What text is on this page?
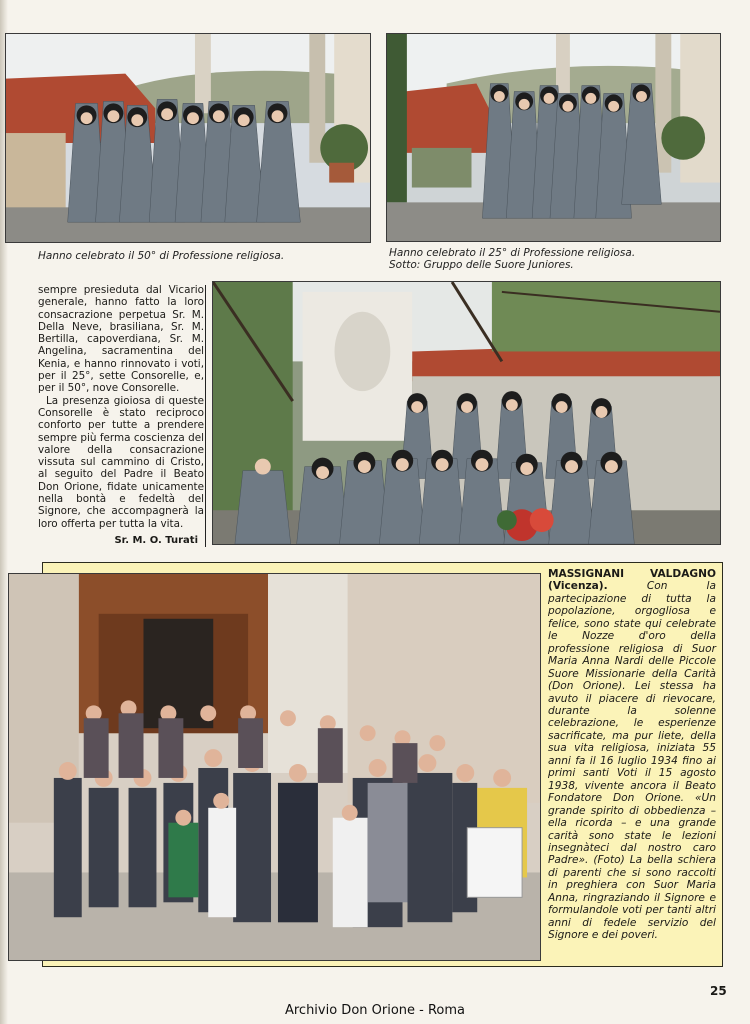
Hanno celebrato il 50° di Professione religiosa.	Hanno celebrato il 25° di Professione religiosa.
Sotto: Gruppo delle Suore Juniores.

sempre presieduta dal Vicario generale, hanno fatto la loro consacrazione perpetua Sr. M. Della Neve, brasiliana, Sr. M. Bertilla, capoverdiana, Sr. M. Angelina, sacramentina del Kenia, e hanno rinnovato i voti, per il 25°, sette Consorelle, e, per il 50°, nove Consorelle.

La presenza gioiosa di queste Consorelle è stato reciproco conforto per tutte a prendere sempre più ferma coscienza del valore della consacrazione vissuta sul cammino di Cristo, al seguito del Padre il Beato Don Orione, fidate unicamente nella bontà e fedeltà del Signore, che accompagnerà la loro offerta per tutta la vita.

Sr. M. O. Turati
MASSIGNANI VALDAGNO (Vicenza).	Con la partecipazione di tutta la popolazione, orgogliosa e felice, sono state qui celebrate le Nozze d'oro della professione religiosa di Suor Maria Anna Nardi delle Piccole Suore Missionarie della Carità (Don Orione). Lei stessa ha avuto il piacere di rievocare, durante la solenne celebrazione, le esperienze sacrificate, ma pur liete, della sua vita religiosa, iniziata 55 anni fa il 16 luglio 1934 fino ai primi santi Voti il 15 agosto 1938, vivente ancora il Beato Fondatore Don Orione. «Un grande spirito di obbedienza – ella ricorda – e una grande carità sono state le lezioni insegnàteci dal nostro caro Padre». (Foto) La bella schiera di parenti che si sono raccolti in preghiera con Suor Maria Anna, ringraziando il Signore e formulandole voti per tanti altri anni di fedele servizio del Signore e dei poveri.
25
Archivio Don Orione - Roma
